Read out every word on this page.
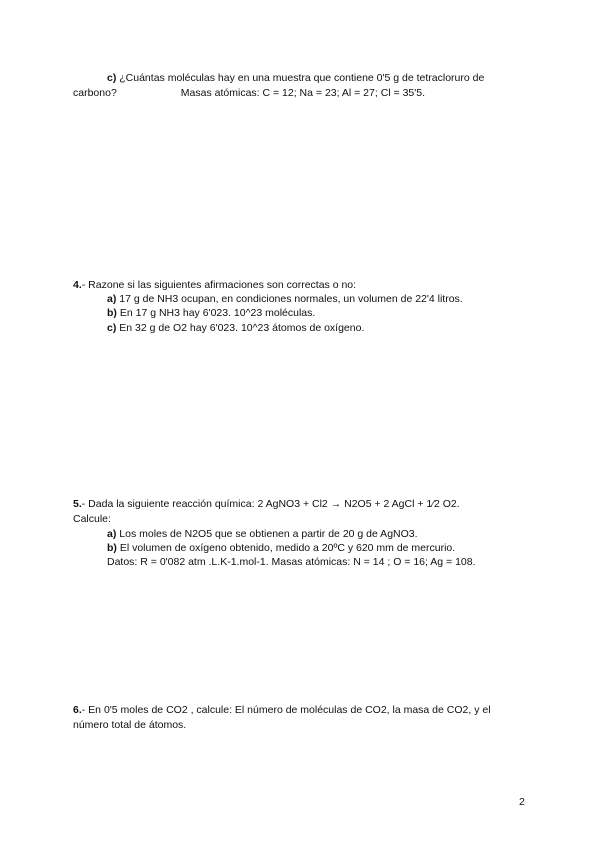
c) ¿Cuántas moléculas hay en una muestra que contiene 0'5 g de tetracloruro de
carbono?	Masas atómicas: C = 12; Na = 23; Al = 27; Cl = 35'5.
4.- Razone si las siguientes afirmaciones son correctas o no:
a) 17 g de NH3 ocupan, en condiciones normales, un volumen de 22'4 litros.
b) En 17 g NH3 hay 6'023. 10^23 moléculas.
c) En 32 g de O2 hay 6'023. 10^23 átomos de oxígeno.
5.- Dada la siguiente reacción química: 2 AgNO3 + Cl2 → N2O5 + 2 AgCl + 1⁄2 O2.
Calcule:
a) Los moles de N2O5 que se obtienen a partir de 20 g de AgNO3.
b) El volumen de oxígeno obtenido, medido a 20ºC y 620 mm de mercurio.
Datos: R = 0'082 atm .L.K-1.mol-1. Masas atómicas: N = 14 ; O = 16; Ag = 108.
6.- En 0'5 moles de CO2 , calcule: El número de moléculas de CO2, la masa de CO2, y el
número total de átomos.
2
